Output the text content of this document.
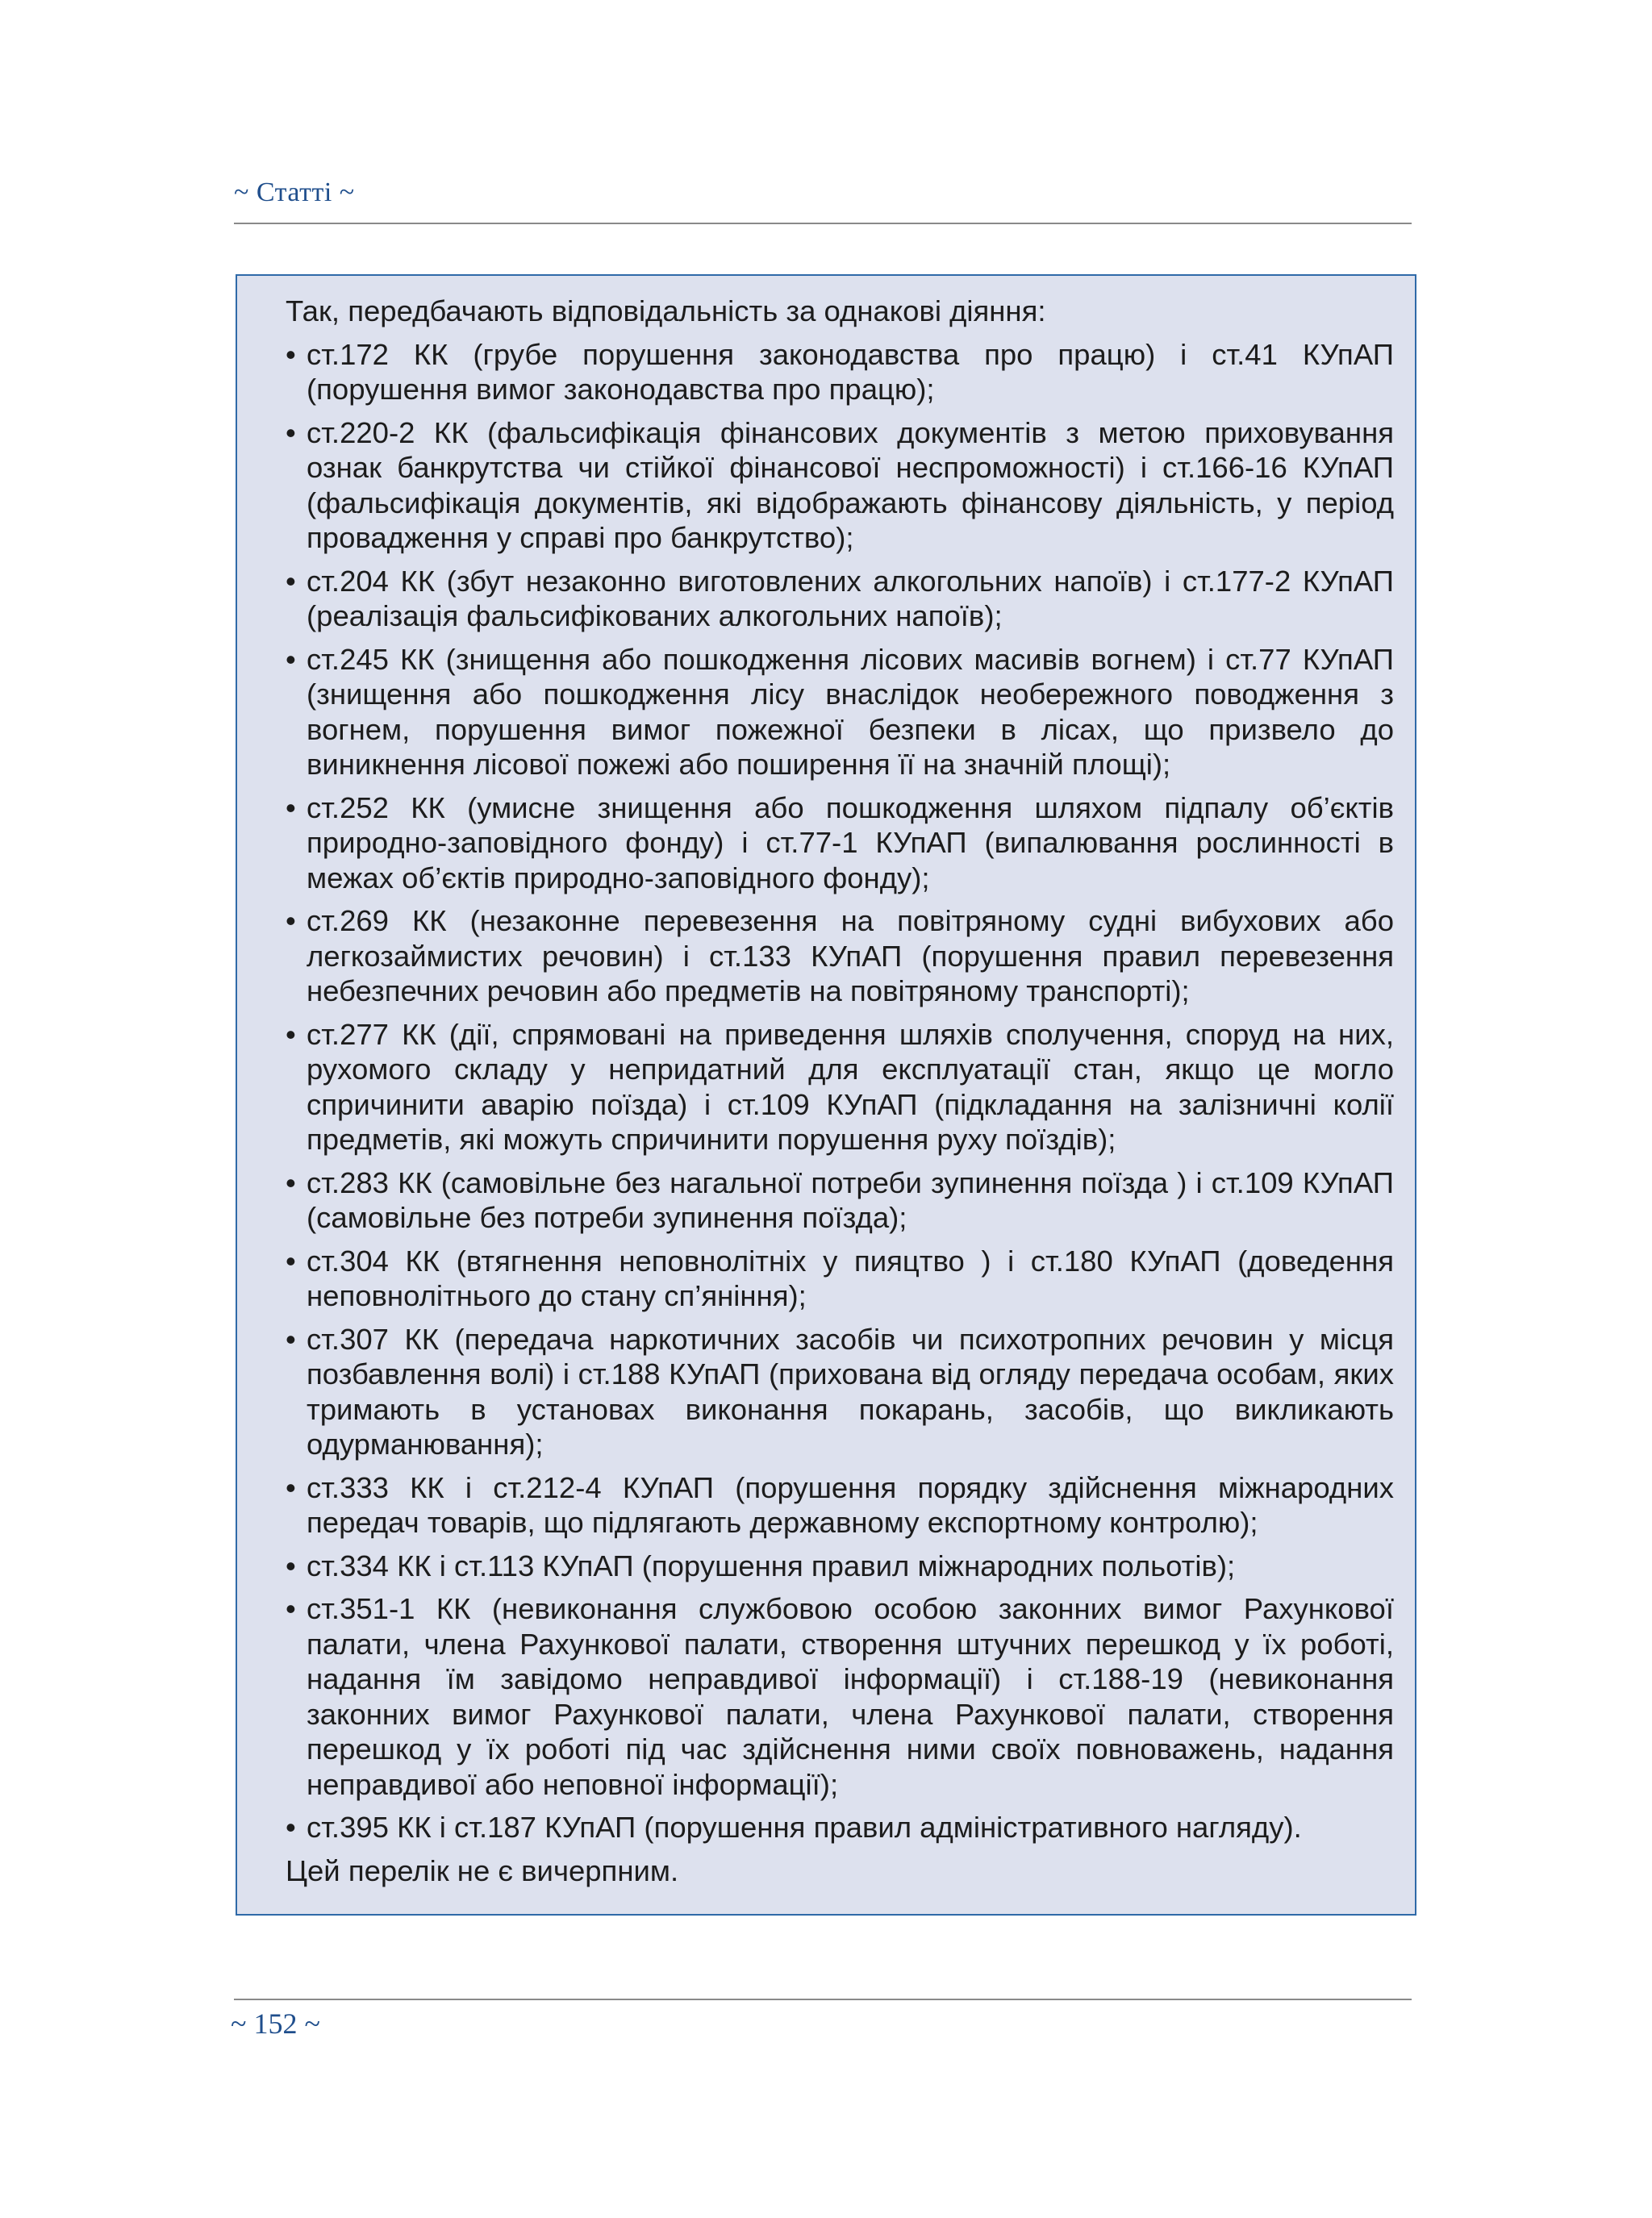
~ Статті ~

Так, передбачають відповідальність за однакові діяння:

• ст.172 КК (грубе порушення законодавства про працю) і ст.41 КУпАП (порушення вимог законодавства про працю);
• ст.220-2 КК (фальсифікація фінансових документів з метою приховування ознак банкрутства чи стійкої фінансової неспроможності) і ст.166-16 КУпАП (фальсифікація документів, які відображають фінансову діяльність, у період провадження у справі про банкрутство);
• ст.204 КК (збут незаконно виготовлених алкогольних напоїв) і ст.177-2 КУпАП (реалізація фальсифікованих алкогольних напоїв);
• ст.245 КК (знищення або пошкодження лісових масивів вогнем) і ст.77 КУпАП (знищення або пошкодження лісу внаслідок необережного поводження з вогнем, порушення вимог пожежної безпеки в лісах, що призвело до виникнення лісової пожежі або поширення її на значній площі);
• ст.252 КК (умисне знищення або пошкодження шляхом підпалу об’єктів природно-заповідного фонду) і ст.77-1 КУпАП (випалювання рослинності в межах об’єктів природно-заповідного фонду);
• ст.269 КК (незаконне перевезення на повітряному судні вибухових або легкозаймистих речовин) і ст.133 КУпАП (порушення правил перевезення небезпечних речовин або предметів на повітряному транспорті);
• ст.277 КК (дії, спрямовані на приведення шляхів сполучення, споруд на них, рухомого складу у непридатний для експлуатації стан, якщо це могло спричинити аварію поїзда) і ст.109 КУпАП (підкладання на залізничні колії предметів, які можуть спричинити порушення руху поїздів);
• ст.283 КК (самовільне без нагальної потреби зупинення поїзда ) і ст.109 КУпАП (самовільне без потреби зупинення поїзда);
• ст.304 КК (втягнення неповнолітніх у пияцтво ) і ст.180 КУпАП (доведення неповнолітнього до стану сп’яніння);
• ст.307 КК (передача наркотичних засобів чи психотропних речовин у місця позбавлення волі) і ст.188 КУпАП (прихована від огляду передача особам, яких тримають в установах виконання покарань, засобів, що викликають одурманювання);
• ст.333 КК і ст.212-4 КУпАП (порушення порядку здійснення міжнародних передач товарів, що підлягають державному експортному контролю);
• ст.334 КК і ст.113 КУпАП (порушення правил міжнародних польотів);
• ст.351-1 КК (невиконання службовою особою законних вимог Рахункової палати, члена Рахункової палати, створення штучних перешкод у їх роботі, надання їм завідомо неправдивої інформації) і ст.188-19 (невиконання законних вимог Рахункової палати, члена Рахункової палати, створення перешкод у їх роботі під час здійснення ними своїх повноважень, надання неправдивої або неповної інформації);
• ст.395 КК і ст.187 КУпАП (порушення правил адміністративного нагляду).

Цей перелік не є вичерпним.

~ 152 ~
